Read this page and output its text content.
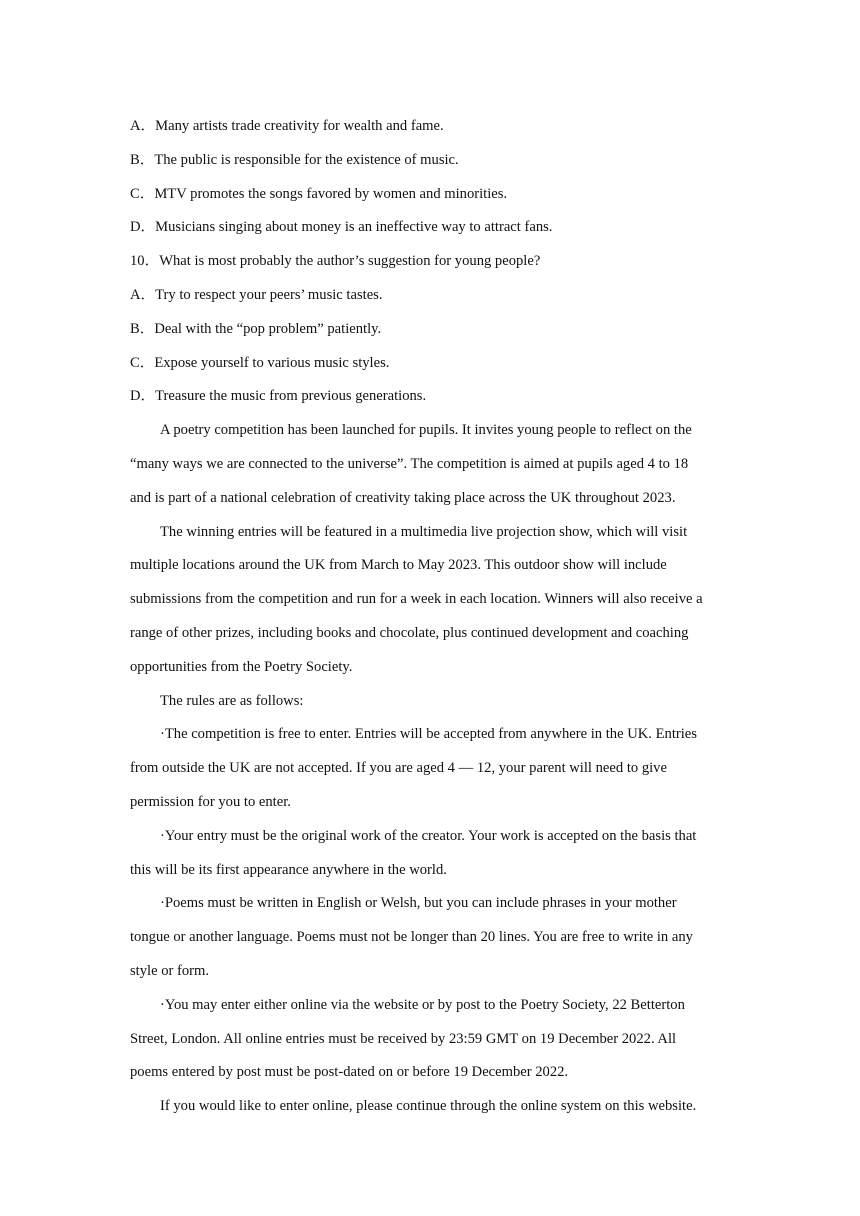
A．Many artists trade creativity for wealth and fame.
B．The public is responsible for the existence of music.
C．MTV promotes the songs favored by women and minorities.
D．Musicians singing about money is an ineffective way to attract fans.
10．What is most probably the author’s suggestion for young people?
A．Try to respect your peers’ music tastes.
B．Deal with the “pop problem” patiently.
C．Expose yourself to various music styles.
D．Treasure the music from previous generations.
A poetry competition has been launched for pupils. It invites young people to reflect on the
“many ways we are connected to the universe”. The competition is aimed at pupils aged 4 to 18
and is part of a national celebration of creativity taking place across the UK throughout 2023.
The winning entries will be featured in a multimedia live projection show, which will visit
multiple locations around the UK from March to May 2023. This outdoor show will include
submissions from the competition and run for a week in each location. Winners will also receive a
range of other prizes, including books and chocolate, plus continued development and coaching
opportunities from the Poetry Society.
The rules are as follows:
·The competition is free to enter. Entries will be accepted from anywhere in the UK. Entries
from outside the UK are not accepted. If you are aged 4 — 12, your parent will need to give
permission for you to enter.
·Your entry must be the original work of the creator. Your work is accepted on the basis that
this will be its first appearance anywhere in the world.
·Poems must be written in English or Welsh, but you can include phrases in your mother
tongue or another language. Poems must not be longer than 20 lines. You are free to write in any
style or form.
·You may enter either online via the website or by post to the Poetry Society, 22 Betterton
Street, London. All online entries must be received by 23:59 GMT on 19 December 2022. All
poems entered by post must be post-dated on or before 19 December 2022.
If you would like to enter online, please continue through the online system on this website.
